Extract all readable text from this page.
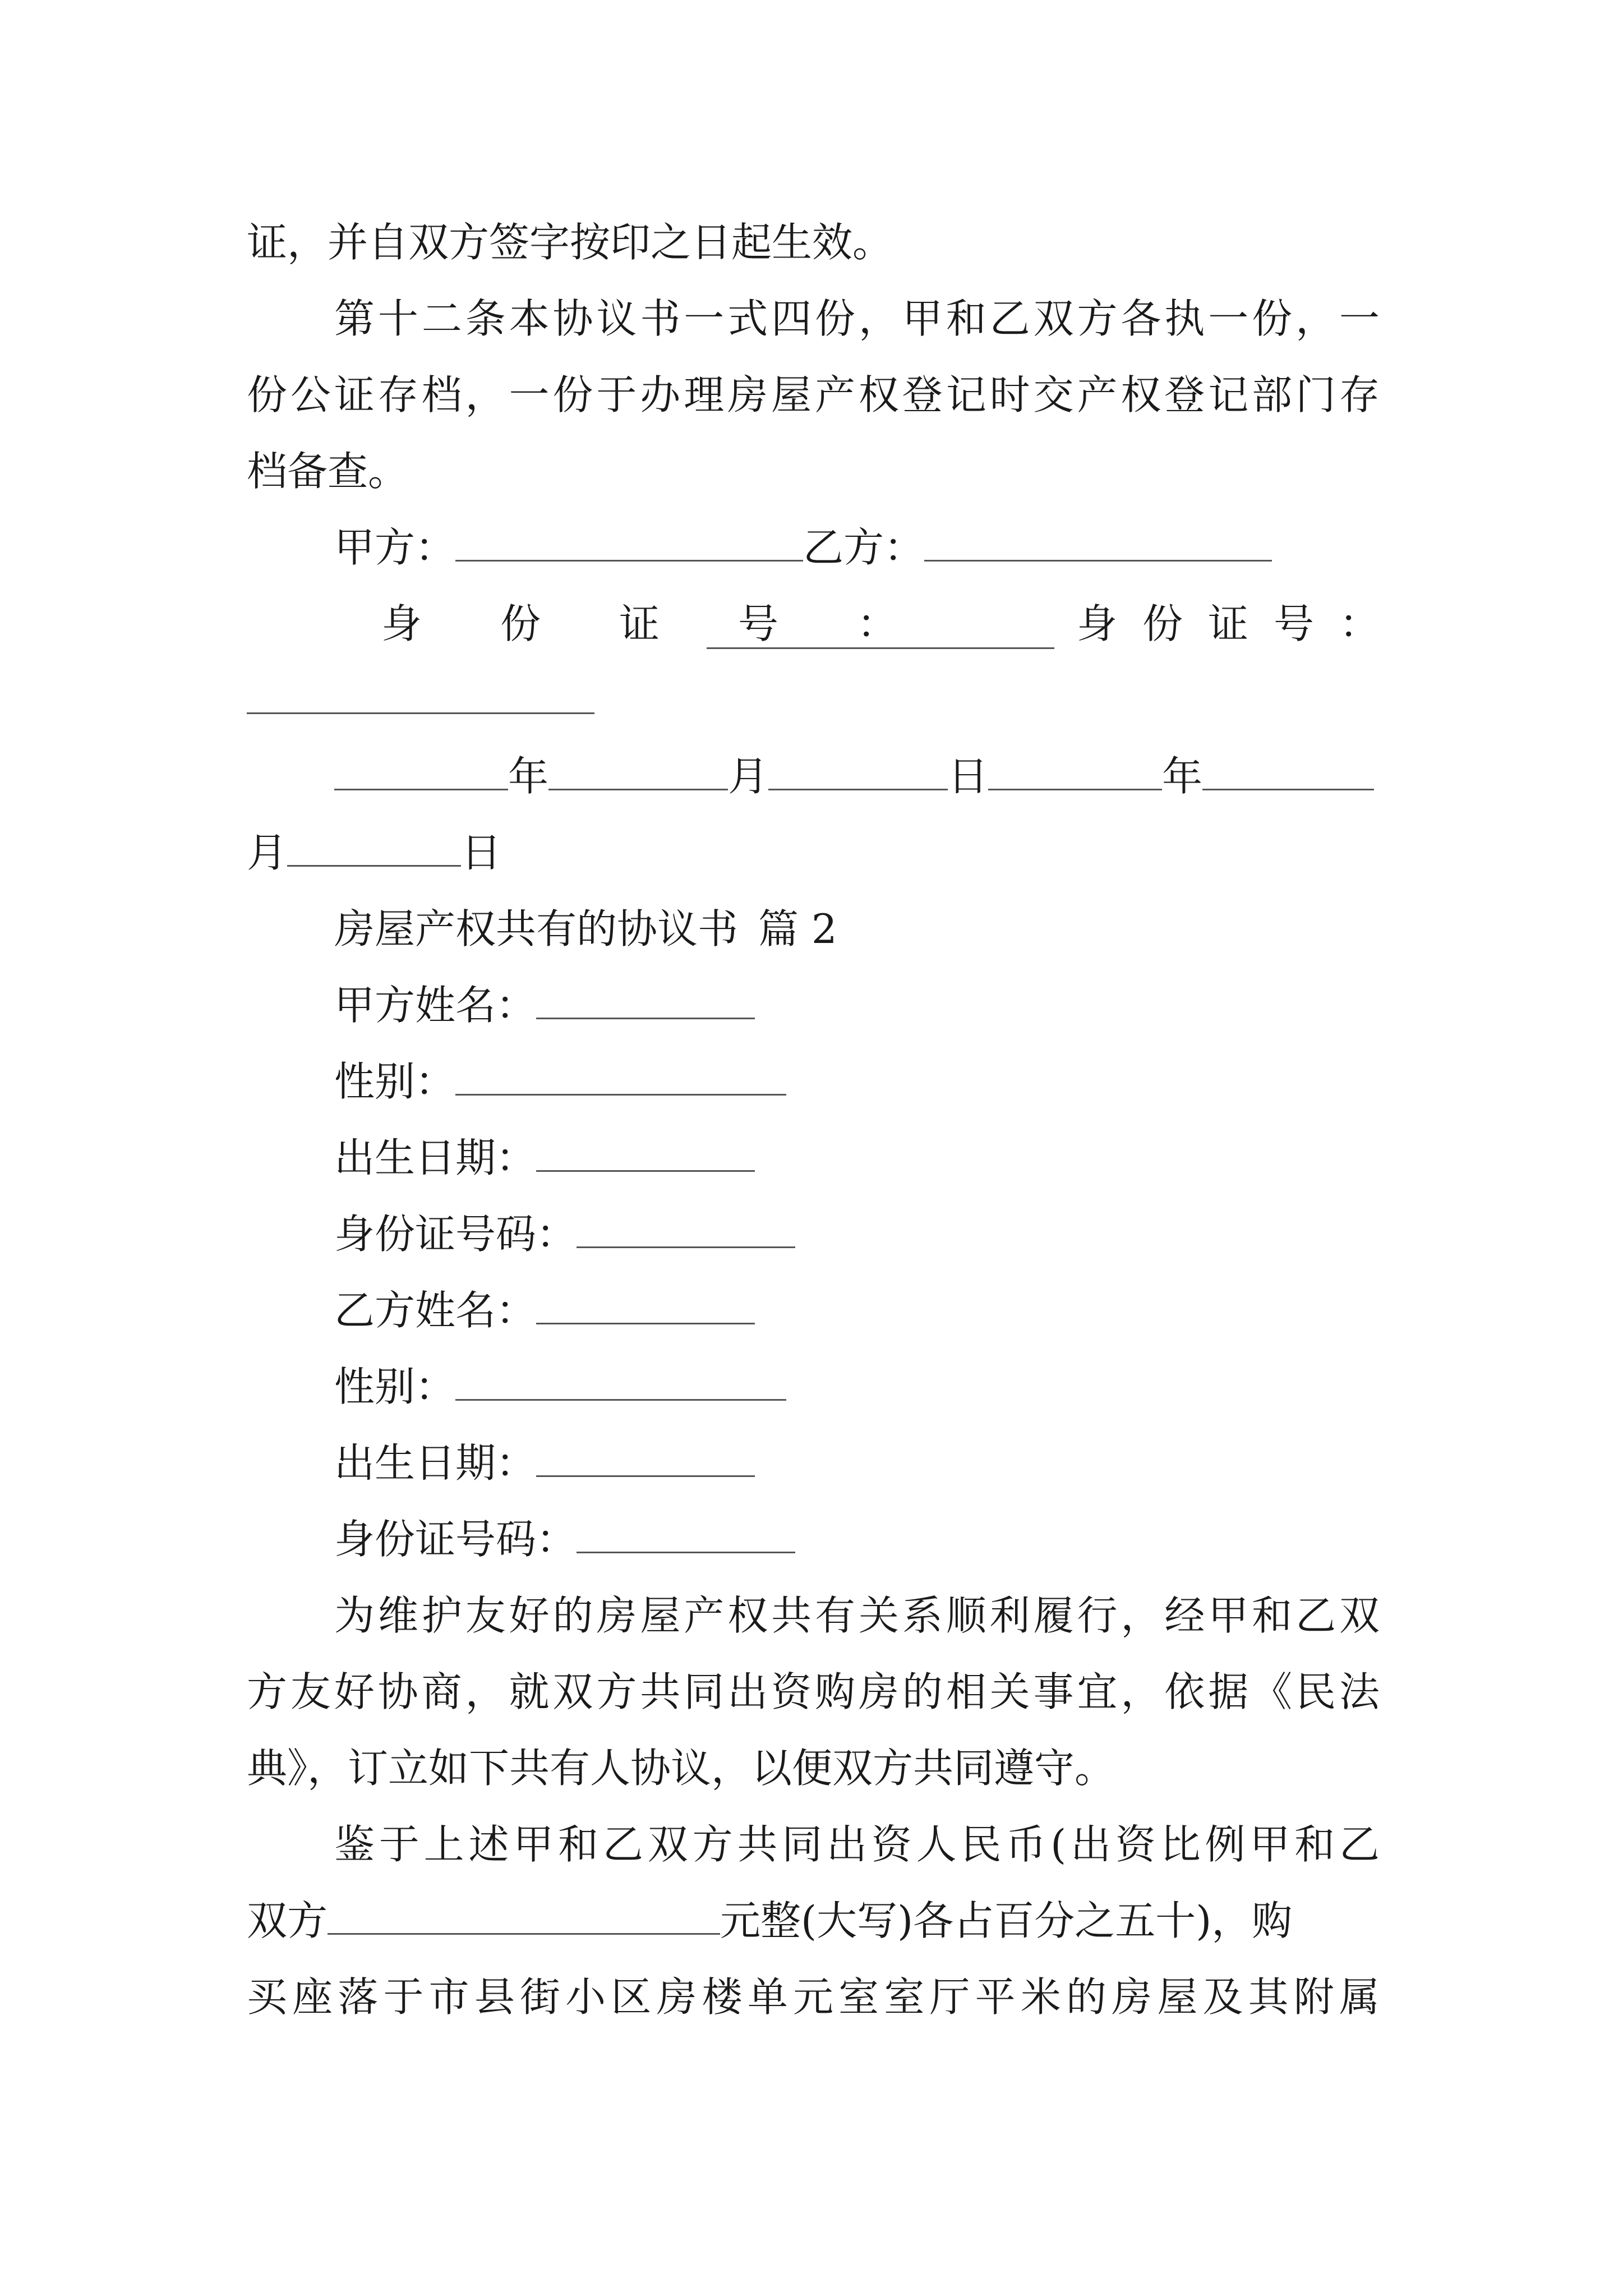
证，并自双方签字按印之日起生效。
第十二条本协议书一式四份，甲和乙双方各执一份，一
份公证存档，一份于办理房屋产权登记时交产权登记部门存
档备查。
甲方：	乙方：
身 份 证 号 ：	身 份 证 号 ：
年	月	日	年
月	日
房屋产权共有的协议书 篇 2
甲方姓名：
性别：
出生日期：
身份证号码：
乙方姓名：
性别：
出生日期：
身份证号码：
为维护友好的房屋产权共有关系顺利履行，经甲和乙双
方友好协商，就双方共同出资购房的相关事宜，依据《民法
典》，订立如下共有人协议，以便双方共同遵守。
鉴于上述甲和乙双方共同出资人民币(出资比例甲和乙
双方	元整(大写)各占百分之五十)，购
买座落于市县街小区房楼单元室室厅平米的房屋及其附属
